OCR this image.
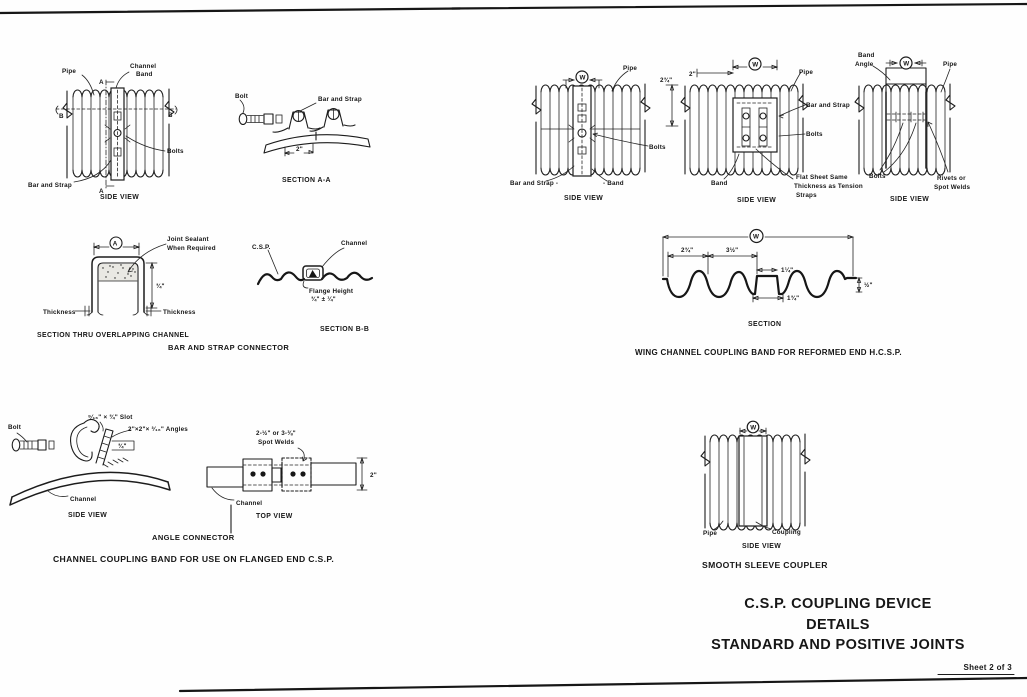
Pipe
Channel
Band
A
A
B	B
Bolts
Bar and Strap
SIDE VIEW
Bolt	Bar and Strap
2"
SECTION A-A
A
Joint Sealant
When Required
¾"
Thickness	Thickness
SECTION THRU OVERLAPPING CHANNEL
C.S.P.
Channel
Flange Height
¾" ± ¼"
SECTION B-B
BAR AND STRAP CONNECTOR
Bolt
⁹⁄₁₆" × ¾" Slot
2"×2"× ³⁄₁₆" Angles
¾"
Channel
SIDE VIEW
2-½" or 3-⅜"
Spot Welds
2"
Channel
TOP VIEW
ANGLE CONNECTOR
CHANNEL COUPLING BAND FOR USE ON FLANGED END C.S.P.
W
Pipe
Bolts
Bar and Strap -	- Band
SIDE VIEW
W
2"
2¾"
Pipe
Bar and Strap
Bolts
Band
Flat Sheet Same
Thickness as Tension
Straps
SIDE VIEW
W
Band
Angle	Pipe
Bolts	Rivets or
Spot Welds
SIDE VIEW
W
2¾"	3½"
1¼"
1¾"
½"
SECTION
WING CHANNEL COUPLING BAND FOR REFORMED END H.C.S.P.
W
Pipe	Coupling
SIDE VIEW
SMOOTH SLEEVE COUPLER
C.S.P. COUPLING DEVICE
DETAILS
STANDARD AND POSITIVE JOINTS
Sheet 2 of 3
